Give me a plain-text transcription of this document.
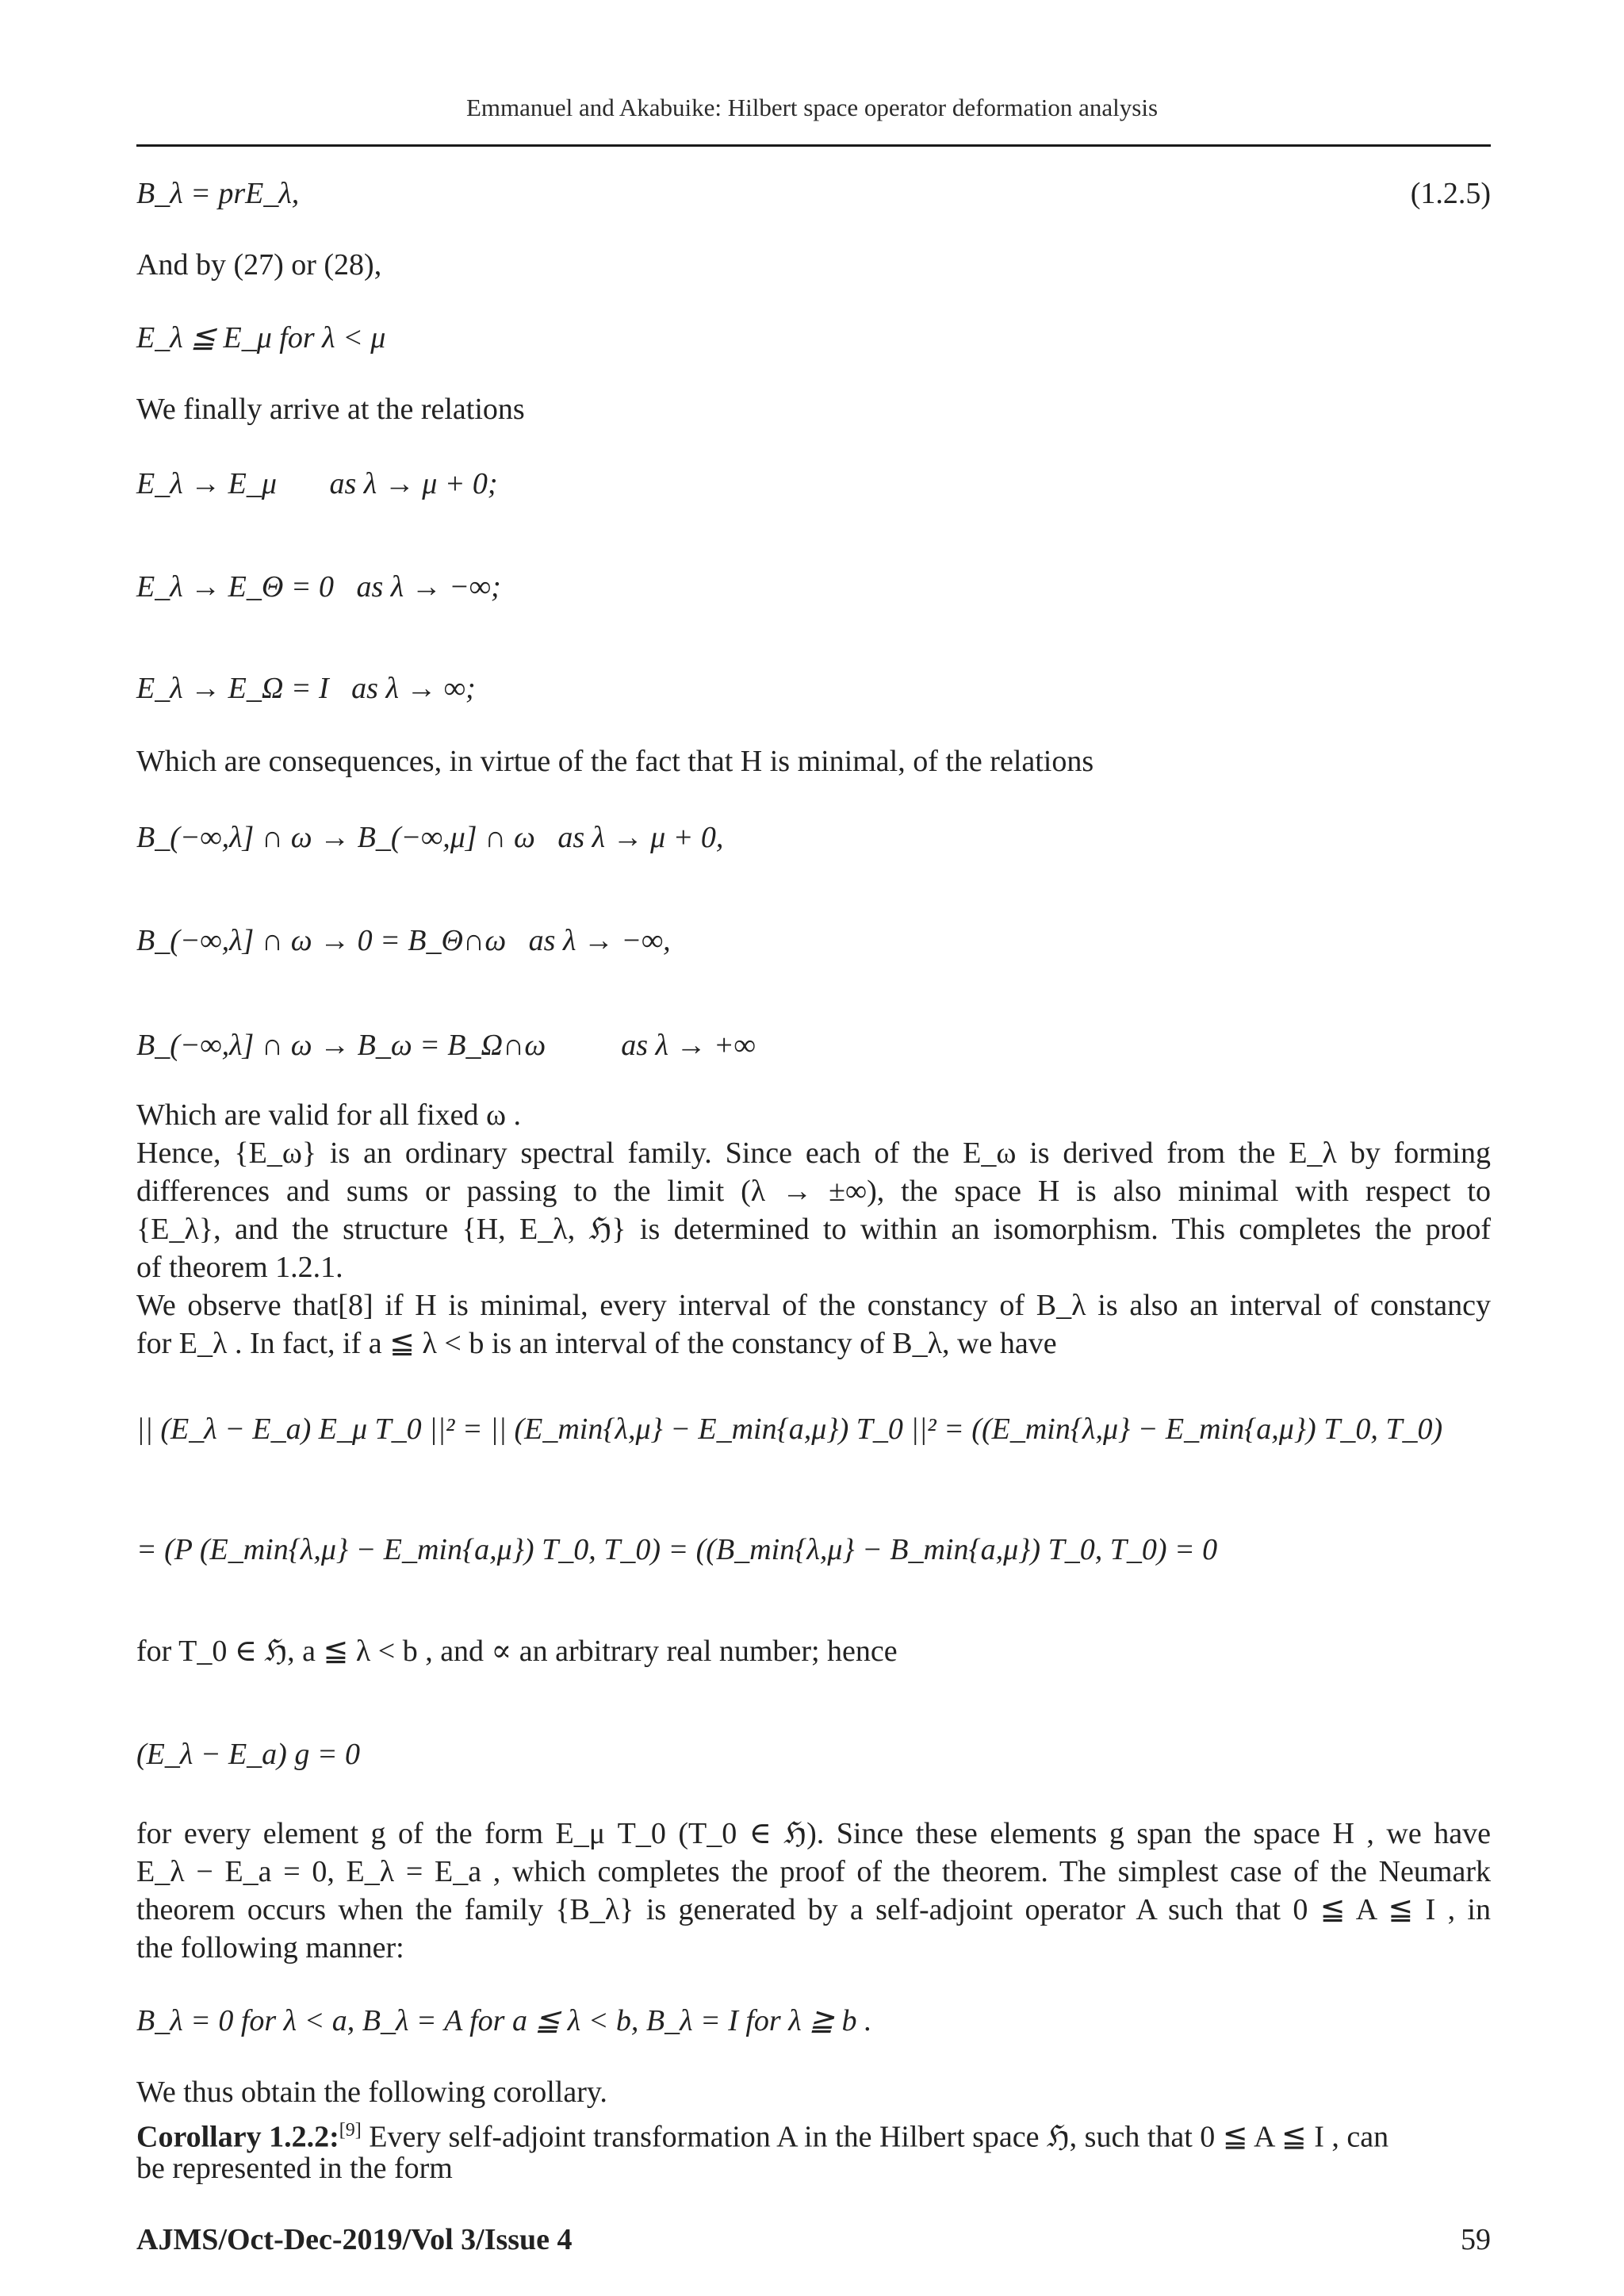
Emmanuel and Akabuike: Hilbert space operator deformation analysis
B_λ = prE_λ,	(1.2.5)
And by (27) or (28),
E_λ ≦ E_μ for λ < μ
We finally arrive at the relations
E_λ → E_μ       as λ → μ + 0;
E_λ → E_Θ = 0   as λ → −∞;
E_λ → E_Ω = I   as λ → ∞;
Which are consequences, in virtue of the fact that H is minimal, of the relations
B_(−∞,λ] ∩ ω → B_(−∞,μ] ∩ ω   as λ → μ + 0,
B_(−∞,λ] ∩ ω → 0 = B_Θ∩ω   as λ → −∞,
B_(−∞,λ] ∩ ω → B_ω = B_Ω∩ω          as λ → +∞
Which are valid for all fixed ω .
Hence, {E_ω} is an ordinary spectral family. Since each of the E_ω is derived from the E_λ by forming
differences and sums or passing to the limit (λ → ±∞), the space H is also minimal with respect to
{E_λ}, and the structure {H, E_λ, ℌ} is determined to within an isomorphism. This completes the proof
of theorem 1.2.1.
We observe that[8] if H is minimal, every interval of the constancy of B_λ is also an interval of constancy
for E_λ . In fact, if a ≦ λ < b is an interval of the constancy of B_λ, we have
|| (E_λ − E_a) E_μ T_0 ||² = || (E_min{λ,μ} − E_min{a,μ}) T_0 ||² = ((E_min{λ,μ} − E_min{a,μ}) T_0, T_0)
= (P (E_min{λ,μ} − E_min{a,μ}) T_0, T_0) = ((B_min{λ,μ} − B_min{a,μ}) T_0, T_0) = 0
for T_0 ∈ ℌ, a ≦ λ < b , and ∝ an arbitrary real number; hence
(E_λ − E_a) g = 0
for every element g of the form E_μ T_0 (T_0 ∈ ℌ). Since these elements g span the space H , we have
E_λ − E_a = 0, E_λ = E_a , which completes the proof of the theorem. The simplest case of the Neumark
theorem occurs when the family {B_λ} is generated by a self-adjoint operator A such that 0 ≦ A ≦ I , in
the following manner:
B_λ = 0 for λ < a, B_λ = A for a ≦ λ < b, B_λ = I for λ ≧ b .
We thus obtain the following corollary.
Corollary 1.2.2:[9] Every self-adjoint transformation A in the Hilbert space ℌ, such that 0 ≦ A ≦ I , can
be represented in the form
AJMS/Oct-Dec-2019/Vol 3/Issue 4	59
